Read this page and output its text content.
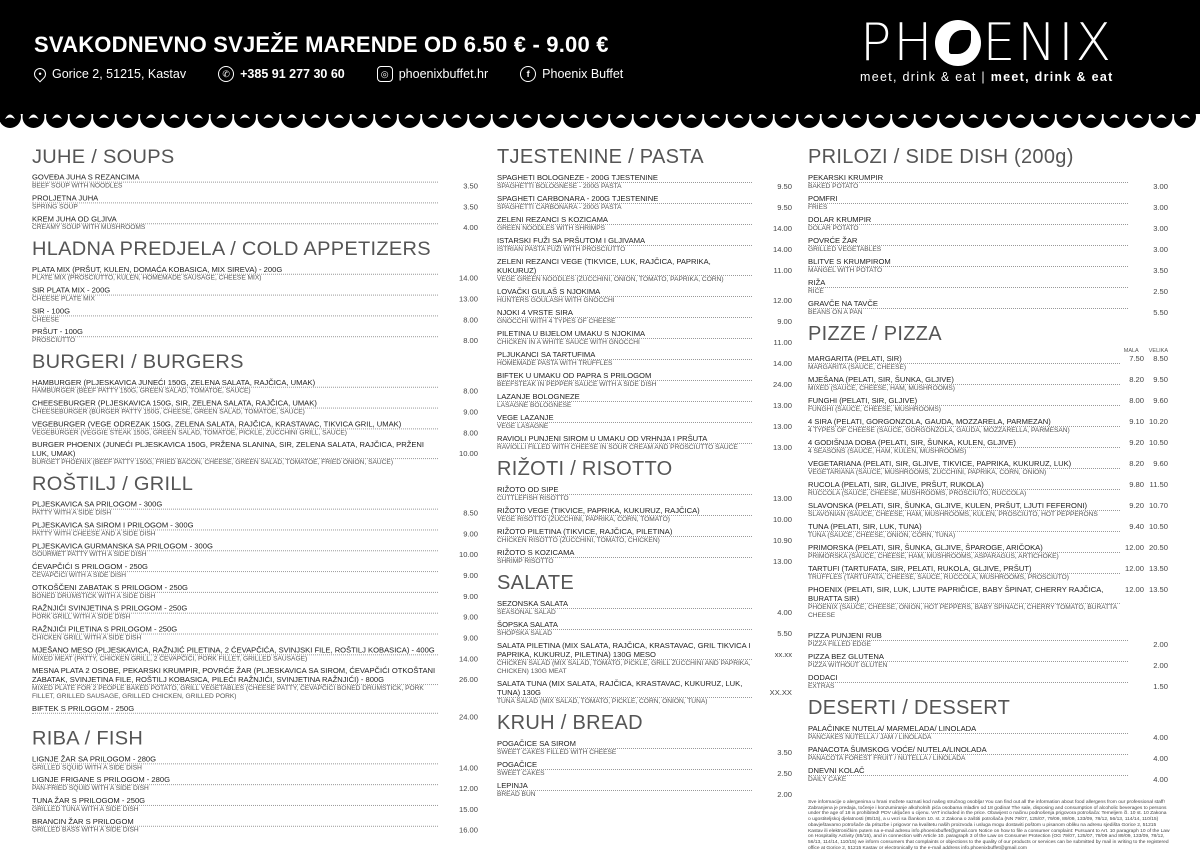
SVAKODNEVNO SVJEŽE MARENDE OD 6.50 € - 9.00 €
• Gorice 2, 51215, Kastav	✆ +385 91 277 30 60	◎ phoenixbuffet.hr	f	Phoenix Buffet
PH ENIX
meet, drink & eat | meet, drink & eat
JUHE / SOUPS
GOVEĐA JUHA S REZANCIMA
BEEF SOUP WITH NOODLES	3.50
PROLJETNA JUHA
SPRING SOUP	3.50
KREM JUHA OD GLJIVA
CREAMY SOUP WITH MUSHROOMS	4.00
HLADNA PREDJELA / COLD APPETIZERS
PLATA MIX (PRŠUT, KULEN, DOMAĆA KOBASICA, MIX SIREVA) - 200G
PLATE MIX (PROSCIUTTO, KULEN, HOMEMADE SAUSAGE, CHEESE MIX)	14.00
SIR PLATA MIX - 200G
CHEESE PLATE MIX	13.00
SIR - 100G
CHEESE	8.00
PRŠUT - 100G
PROSCIUTTO	8.00
BURGERI / BURGERS
HAMBURGER (PLJESKAVICA JUNEĆI 150G, ZELENA SALATA, RAJČICA, UMAK)
HAMBURGER (BEEF PATTY 150G, GREEN SALAD, TOMATOE, SAUCE)	8.00
CHEESEBURGER (PLJESKAVICA 150G, SIR, ZELENA SALATA, RAJČICA, UMAK)
CHEESEBURGER (BURGER PATTY 150G, CHEESE, GREEN SALAD, TOMATOE, SAUCE)	9.00
VEGEBURGER (VEGE ODREZAK 150G, ZELENA SALATA, RAJČICA, KRASTAVAC, TIKVICA GRIL, UMAK)
VEGEBURGER (VEGGIE STEAK 150G, GREEN SALAD, TOMATOE, PICKLE, ZUCCHINI GRILL, SAUCE)	8.00
BURGER PHOENIX (JUNEĆI PLJESKAVICA 150G, PRŽENA SLANINA, SIR, ZELENA SALATA, RAJČICA, PRŽENI LUK, UMAK)
BURGET PHOENIX (BEEF PATTY 150G, FRIED BACON, CHEESE, GREEN SALAD, TOMATOE, FRIED ONION, SAUCE)
10.00
ROŠTILJ / GRILL
PLJESKAVICA SA PRILOGOM - 300G
PATTY WITH A SIDE DISH	8.50
PLJESKAVICA SA SIROM I PRILOGOM - 300G
PATTY WITH CHEESE AND A SIDE DISH	9.00
PLJESKAVICA GURMANSKA SA PRILOGOM - 300G
GOURMET PATTY WITH A SIDE DISH	10.00
ĆEVAPČIĆI S PRILOGOM - 250G
ĆEVAPČIĆI WITH A SIDE DISH	9.00
OTKOŠČENI ZABATAK S PRILOGOM - 250G
BONED DRUMSTICK WITH A SIDE DISH	9.00
RAŽNJIĆI SVINJETINA S PRILOGOM - 250G
PORK GRILL WITH A SIDE DISH	9.00
RAŽNJIĆI PILETINA S PRILOGOM - 250G
CHICKEN GRILL WITH A SIDE DISH	9.00
MJEŠANO MESO (PLJESKAVICA, RAŽNJIĆ PILETINA, 2 ĆEVAPČIĆA, SVINJSKI FILE, ROŠTILJ KOBASICA) - 400G
MIXED MEAT (PATTY, CHICKEN GRILL, 2 ĆEVAPČIĆI, PORK FILLET, GRILLED SAUSAGE)	14.00
MESNA PLATA 2 OSOBE, PEKARSKI KRUMPIR, POVRĆE ŽAR (PLJESKAVICA SA SIROM, ĆEVAPČIĆI OTKOŠTANI ZABATAK, SVINJETINA FILE, ROŠTILJ KOBASICA, PILEĆI RAŽNJIĆI, SVINJETINA RAŽNJIĆI) - 800G
MIXED PLATE FOR 2 PEOPLE BAKED POTATO, GRILL VEGETABLES (CHEESE PATTY, ĆEVAPČIĆI BONED DRUMSTICK, PORK FILLET, GRILLED SAUSAGE, GRILLED CHICKEN, GRILLED PORK)
26.00
BIFTEK S PRILOGOM - 250G
24.00
RIBA / FISH
LIGNJE ŽAR SA PRILOGOM - 280G
GRILLED SQUID WITH A SIDE DISH	14.00
LIGNJE FRIGANE S PRILOGOM - 280G
PAN-FRIED SQUID WITH A SIDE DISH	12.00
TUNA ŽAR S PRILOGOM - 250G
GRILLED TUNA WITH A SIDE DISH	15.00
BRANCIN ŽAR S PRILOGOM
GRILLED BASS WITH A SIDE DISH	16.00
TJESTENINE / PASTA
SPAGHETI BOLOGNEZE - 200G TJESTENINE
SPAGHETTI BOLOGNESE - 200G PASTA	9.50
SPAGHETI CARBONARA - 200G TJESTENINE
SPAGHETTI CARBONARA - 200G PASTA	9.50
ZELENI REZANCI S KOZICAMA
GREEN NOODLES WITH SHRIMPS	14.00
ISTARSKI FUŽI SA PRŠUTOM I GLJIVAMA
ISTRIAN PASTA FUŽI WITH PROSCIUTTO	14.00
ZELENI REZANCI VEGE (TIKVICE, LUK, RAJČICA, PAPRIKA, KUKURUZ)
VEGE GREEN NOODLES (ZUCCHINI, ONION, TOMATO, PAPRIKA, CORN)
11.00
LOVAČKI GULAŠ S NJOKIMA
HUNTERS GOULASH WITH GNOCCHI	12.00
NJOKI 4 VRSTE SIRA
GNOCCHI WITH 4 TYPES OF CHEESE	9.00
PILETINA U BIJELOM UMAKU S NJOKIMA
CHICKEN IN A WHITE SAUCE WITH GNOCCHI	11.00
PLJUKANCI SA TARTUFIMA
HOMEMADE PASTA WITH TRUFFLES	14.00
BIFTEK U UMAKU OD PAPRA S PRILOGOM
BEEFSTEAK IN PEPPER SAUCE WITH A SIDE DISH	24.00
LAZANJE BOLOGNEZE
LASAGNE BOLOGNESE	13.00
VEGE LAZANJE
VEGE LASAGNE	13.00
RAVIOLI PUNJENI SIROM U UMAKU OD VRHNJA I PRŠUTA
RAVIOLLI FILLED WITH CHEESE IN SOUR CREAM AND PROSCIUTTO SAUCE	13.00
RIŽOTI / RISOTTO
RIŽOTO OD SIPE
CUTTLEFISH RISOTTO	13.00
RIŽOTO VEGE (TIKVICE, PAPRIKA, KUKURUZ, RAJČICA)
VEGE RISOTTO (ZUCCHINI, PAPRIKA, CORN, TOMATO)	10.00
RIŽOTO PILETINA (TIKVICE, RAJČICA, PILETINA)
CHICKEN RISOTTO (ZUCCHINI, TOMATO, CHICKEN)	10.90
RIŽOTO S KOZICAMA
SHRIMP RISOTTO	13.00
SALATE
SEZONSKA SALATA
SEASONAL SALAD	4.00
ŠOPSKA SALATA
SHOPSKA SALAD	5.50
SALATA PILETINA (MIX SALATA, RAJČICA, KRASTAVAC, GRIL TIKVICA I PAPRIKA, KUKURUZ, PILETINA) 130G MESO
CHICKEN SALAD (MIX SALAD, TOMATO, PICKLE, GRILL ZUCCHINI AND PAPRIKA, CHICKEN) 130G MEAT
xx.xx
SALATA TUNA (MIX SALATA, RAJČICA, KRASTAVAC, KUKURUZ, LUK, TUNA) 130G
TUNA SALAD (MIX SALAD, TOMATO, PICKLE, CORN, ONION, TUNA)
XX.XX
KRUH / BREAD
POGAČICE SA SIROM
SWEET CAKES FILLED WITH CHEESE	3.50
POGAČICE
SWEET CAKES	2.50
LEPINJA
BREAD BUN	2.00
PRILOZI / SIDE DISH (200g)
PEKARSKI KRUMPIR
BAKED POTATO	3.00
POMFRI
FRIES	3.00
DOLAR KRUMPIR
DOLAR POTATO	3.00
POVRĆE ŽAR
GRILLED VEGETABLES	3.00
BLITVE S KRUMPIROM
MANGEL WITH POTATO	3.50
RIŽA
RICE	2.50
GRAVČE NA TAVČE
BEANS ON A PAN	5.50
PIZZE / PIZZA
MALA VELIKA
MARGARITA (PELATI, SIR)
MARGARITA (SAUCE, CHEESE)
7.50	8.50
MJEŠANA (PELATI, SIR, ŠUNKA, GLJIVE)
MIXED (SAUCE, CHEESE, HAM, MUSHROOMS)
8.20	9.50
FUNGHI (PELATI, SIR, GLJIVE)
FUNGHI (SAUCE, CHEESE, MUSHROOMS)
8.00	9.60
4 SIRA (PELATI, GORGONZOLA, GAUDA, MOZZARELA, PARMEZAN)
4 TYPES OF CHEESE (SAUCE, GORGONZOLA, GAUDA, MOZZARELLA, PARMESAN)
9.10 10.20
4 GODIŠNJA DOBA (PELATI, SIR, ŠUNKA, KULEN, GLJIVE)
4 SEASONS (SAUCE, HAM, KULEN, MUSHROOMS)
9.20 10.50
VEGETARIANA (PELATI, SIR, GLJIVE, TIKVICE, PAPRIKA, KUKURUZ, LUK)
VEGETARIANA (SAUCE, MUSHROOMS, ZUCCHINI, PAPRIKA, CORN, ONION)
8.20	9.60
RUCOLA (PELATI, SIR, GLJIVE, PRŠUT, RUKOLA)
RUCCOLA (SAUCE, CHEESE, MUSHROOMS, PROSCIUTO, RUCCOLA)
9.80 11.50
SLAVONSKA (PELATI, SIR, ŠUNKA, GLJIVE, KULEN, PRŠUT, LJUTI FEFERONI)
SLAVONIAN (SAUCE, CHEESE, HAM, MUSHROOMS, KULEN, PROSCIUTO, HOT PEPPERONS
9.20 10.70
TUNA (PELATI, SIR, LUK, TUNA)
TUNA (SAUCE, CHEESE, ONION, CORN, TUNA)
9.40 10.50
PRIMORSKA (PELATI, SIR, ŠUNKA, GLJIVE, ŠPAROGE, ARIČOKA)
PRIMORSKA (SAUCE, CHEESE, HAM, MUSHROOMS, ASPARAGUS, ARTICHOKE)
12.00 20.50
TARTUFI (TARTUFATA, SIR, PELATI, RUKOLA, GLJIVE, PRŠUT)
TRUFFLES (TARTUFATA, CHEESE, SAUCE, RUCCOLA, MUSHROOMS, PROSCIUTO)
12.00 13.50
PHOENIX (PELATI, SIR, LUK, LJUTE PAPRIČICE, BABY ŠPINAT, CHERRY RAJČICA, BURATTA SIR)
PHOENIX (SAUCE, CHEESE, ONION, HOT PEPPERS, BABY SPINACH, CHERRY TOMATO, BURATTA CHEESE
12.00 13.50
PIZZA PUNJENI RUB
PIZZA FILLED EDGE	2.00
PIZZA BEZ GLUTENA
PIZZA WITHOUT GLUTEN	2.00
DODACI
EXTRAS	1.50
DESERTI / DESSERT
PALAČINKE NUTELA/ MARMELADA/ LINOLADA
PANCAKES NUTELLA / JAM / LINOLADA	4.00
PANACOTA ŠUMSKOG VOĆE/ NUTELA/LINOLADA
PANACOTA FOREST FRUIT / NUTELLA / LINOLADA	4.00
DNEVNI KOLAČ
DAILY CAKE	4.00
Sve informacije o alergenima u hrani možete saznati kod našeg stručnog osoblja! You can find out all the information about food allergens from our professional staff! Zabranjena je predaja, točenje i konzumiranje alkoholnih pića osobama mlađim od 18 godina! The sale, disposing and consumption of alcoholic beverages to persons under the age of 18 is prohibited! PDV uključen u cijenu. VAT included in the price. Obavijest o načinu podnošenja prigovora potrošača: Temeljem čl. 10 st. 10 Zakona o ugostiteljskoj djelatnosti (85/15), a u vezi sa člankom 10. st. 2 Zakona o zaštiti potrošača (NN 79/07, 125/07, 79/09, 89/09, 133/09, 78/12, 56/13, 114/14, 110/15) obavještavamo potrošače da prituzbe i prigovor na kvalitetu naših proizvoda i usluga mogu dostaviti poštom u pisanom obliku na adresu sjedišta Gorice 2, 51215 Kastav ili elektroničkim putem na e-mail adresu info.phoenixbuffet@gmail.com Notice on how to file a consumer complaint: Pursuant to Art. 10 paragraph 10 of the Law on Hospitality Activity (85/15), and in connection with Article 10. paragraph 3 of the Law on Consumer Protection (OG 79/07, 125/07, 79/09 and 89/09, 133/09, 78/12, 56/13, 114/14, 110/15) we inform consumers that complaints or objections to the quality of our products or services can be submitted by mail in writing to the registered office at Gorice 2, 51215 Kastav or electronically to the e-mail address info.phoenixbuffet@gmail.com
